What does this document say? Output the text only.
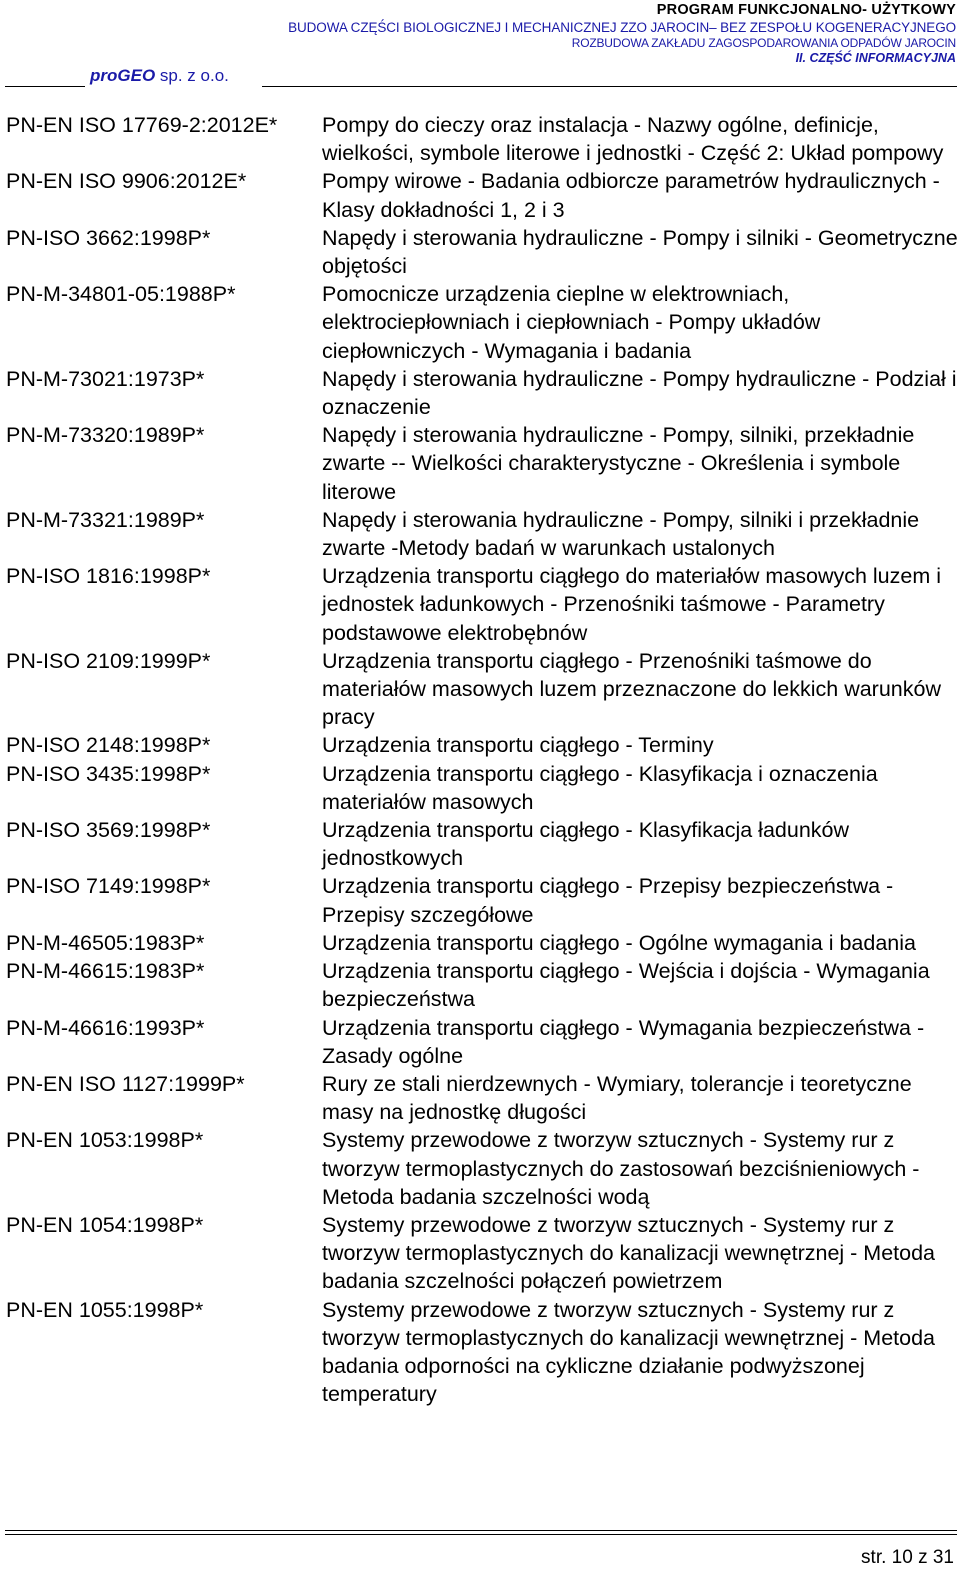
PROGRAM FUNKCJONALNO- UŻYTKOWY
BUDOWA CZĘŚCI BIOLOGICZNEJ I MECHANICZNEJ ZZO JAROCIN– BEZ ZESPOŁU KOGENERACYJNEGO
ROZBUDOWA ZAKŁADU ZAGOSPODAROWANIA ODPADÓW JAROCIN
II. CZĘŚĆ INFORMACYJNA
proGEO sp. z o.o.
PN-EN ISO 17769-2:2012E*	Pompy do cieczy oraz instalacja - Nazwy ogólne, definicje, wielkości, symbole literowe i jednostki - Część 2: Układ pompowy
PN-EN ISO 9906:2012E*	Pompy wirowe - Badania odbiorcze parametrów hydraulicznych - Klasy dokładności 1, 2 i 3
PN-ISO 3662:1998P*	Napędy i sterowania hydrauliczne - Pompy i silniki - Geometryczne objętości
PN-M-34801-05:1988P*	Pomocnicze urządzenia cieplne w elektrowniach, elektrociepłowniach i ciepłowniach - Pompy układów ciepłowniczych - Wymagania i badania
PN-M-73021:1973P*	Napędy i sterowania hydrauliczne - Pompy hydrauliczne - Podział i oznaczenie
PN-M-73320:1989P*	Napędy i sterowania hydrauliczne - Pompy, silniki, przekładnie zwarte -- Wielkości charakterystyczne - Określenia i symbole literowe
PN-M-73321:1989P*	Napędy i sterowania hydrauliczne - Pompy, silniki i przekładnie zwarte -Metody badań w warunkach ustalonych
PN-ISO 1816:1998P*	Urządzenia transportu ciągłego do materiałów masowych luzem i jednostek ładunkowych - Przenośniki taśmowe - Parametry podstawowe elektrobębnów
PN-ISO 2109:1999P*	Urządzenia transportu ciągłego - Przenośniki taśmowe do materiałów masowych luzem przeznaczone do lekkich warunków pracy
PN-ISO 2148:1998P*	Urządzenia transportu ciągłego - Terminy
PN-ISO 3435:1998P*	Urządzenia transportu ciągłego - Klasyfikacja i oznaczenia materiałów masowych
PN-ISO 3569:1998P*	Urządzenia transportu ciągłego - Klasyfikacja ładunków jednostkowych
PN-ISO 7149:1998P*	Urządzenia transportu ciągłego - Przepisy bezpieczeństwa - Przepisy szczegółowe
PN-M-46505:1983P*	Urządzenia transportu ciągłego - Ogólne wymagania i badania
PN-M-46615:1983P*	Urządzenia transportu ciągłego - Wejścia i dojścia - Wymagania bezpieczeństwa
PN-M-46616:1993P*	Urządzenia transportu ciągłego - Wymagania bezpieczeństwa - Zasady ogólne
PN-EN ISO 1127:1999P*	Rury ze stali nierdzewnych - Wymiary, tolerancje i teoretyczne masy na jednostkę długości
PN-EN 1053:1998P*	Systemy przewodowe z tworzyw sztucznych - Systemy rur z tworzyw termoplastycznych do zastosowań bezciśnieniowych - Metoda badania szczelności wodą
PN-EN 1054:1998P*	Systemy przewodowe z tworzyw sztucznych - Systemy rur z tworzyw termoplastycznych do kanalizacji wewnętrznej - Metoda badania szczelności połączeń powietrzem
PN-EN 1055:1998P*	Systemy przewodowe z tworzyw sztucznych - Systemy rur z tworzyw termoplastycznych do kanalizacji wewnętrznej - Metoda badania odporności na cykliczne działanie podwyższonej temperatury
str. 10 z 31
